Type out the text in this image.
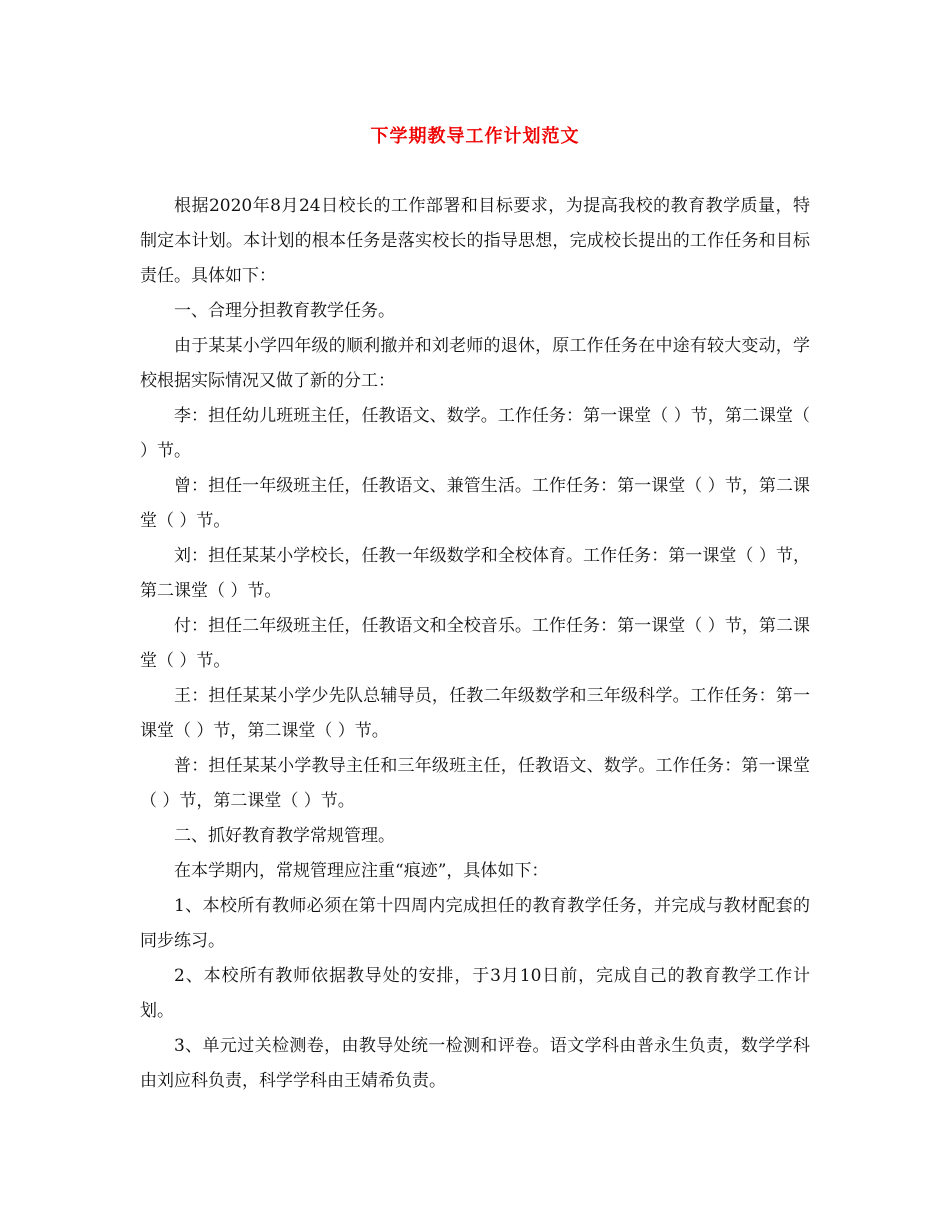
下学期教导工作计划范文

根据2020年8月24日校长的工作部署和目标要求，为提高我校的教育教学质量，特制定本计划。本计划的根本任务是落实校长的指导思想，完成校长提出的工作任务和目标责任。具体如下：

一、合理分担教育教学任务。

由于某某小学四年级的顺利撤并和刘老师的退休，原工作任务在中途有较大变动，学校根据实际情况又做了新的分工：

李：担任幼儿班班主任，任教语文、数学。工作任务：第一课堂（ ）节，第二课堂（ ）节。

曾：担任一年级班主任，任教语文、兼管生活。工作任务：第一课堂（ ）节，第二课堂（ ）节。

刘：担任某某小学校长，任教一年级数学和全校体育。工作任务：第一课堂（ ）节，第二课堂（ ）节。

付：担任二年级班主任，任教语文和全校音乐。工作任务：第一课堂（ ）节，第二课堂（ ）节。

王：担任某某小学少先队总辅导员，任教二年级数学和三年级科学。工作任务：第一课堂（ ）节，第二课堂（ ）节。

普：担任某某小学教导主任和三年级班主任，任教语文、数学。工作任务：第一课堂（ ）节，第二课堂（ ）节。

二、抓好教育教学常规管理。

在本学期内，常规管理应注重“痕迹”，具体如下：

1、本校所有教师必须在第十四周内完成担任的教育教学任务，并完成与教材配套的同步练习。

2、本校所有教师依据教导处的安排，于3月10日前，完成自己的教育教学工作计划。

3、单元过关检测卷，由教导处统一检测和评卷。语文学科由普永生负责，数学学科由刘应科负责，科学学科由王婧希负责。
